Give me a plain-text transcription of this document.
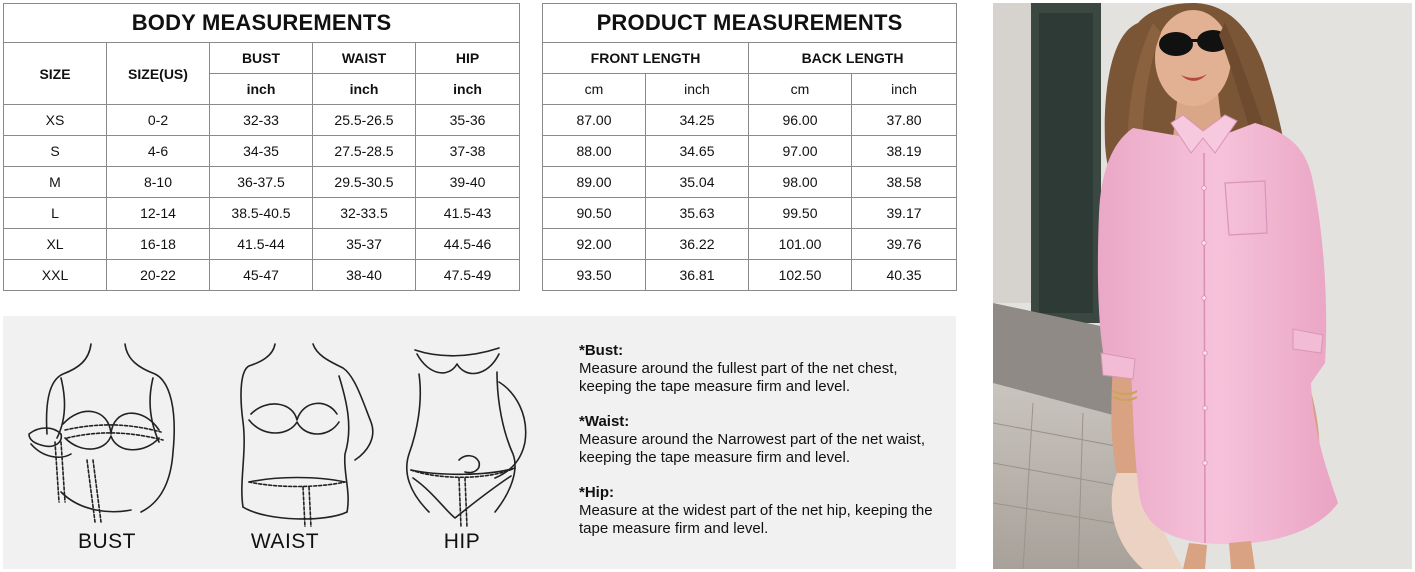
BODY MEASUREMENTS				
SIZE	SIZE(US)	BUST	WAIST	HIP
		inch	inch	inch
XS	0-2	32-33	25.5-26.5	35-36
S	4-6	34-35	27.5-28.5	37-38
M	8-10	36-37.5	29.5-30.5	39-40
L	12-14	38.5-40.5	32-33.5	41.5-43
XL	16-18	41.5-44	35-37	44.5-46
XXL	20-22	45-47	38-40	47.5-49
PRODUCT MEASUREMENTS			
FRONT LENGTH		BACK LENGTH	
cm	inch	cm	inch
87.00	34.25	96.00	37.80
88.00	34.65	97.00	38.19
89.00	35.04	98.00	38.58
90.50	35.63	99.50	39.17
92.00	36.22	101.00	39.76
93.50	36.81	102.50	40.35
BUST	WAIST	HIP
*Bust:
Measure around the fullest part of the net chest, keeping the tape measure firm and level.
*Waist:
Measure around the Narrowest part of the net waist, keeping the tape measure firm and level.
*Hip:
Measure at the widest part of the net hip, keeping the tape measure firm and level.
